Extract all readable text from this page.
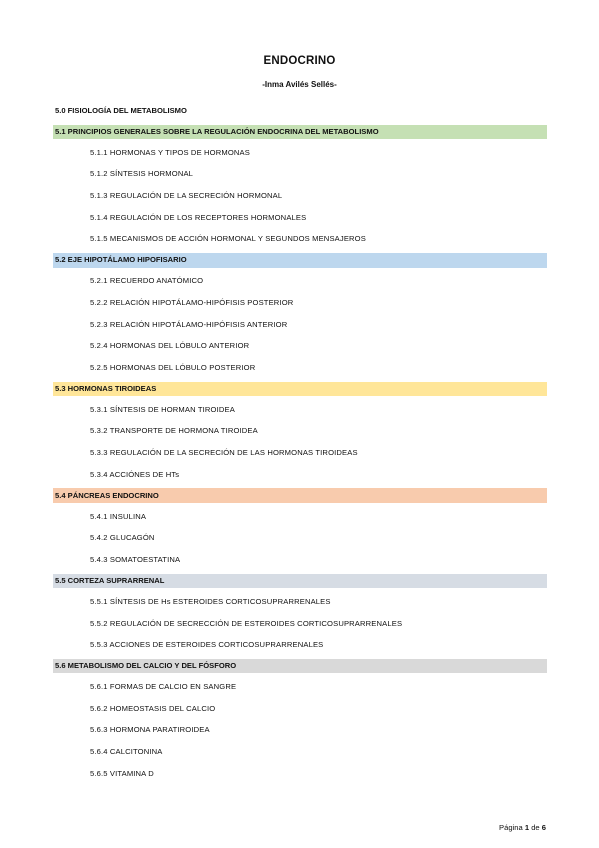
ENDOCRINO
-Inma Avilés Sellés-
5.0 FISIOLOGÍA DEL METABOLISMO
5.1 PRINCIPIOS GENERALES SOBRE LA REGULACIÓN ENDOCRINA DEL METABOLISMO
5.1.1 HORMONAS Y TIPOS DE HORMONAS
5.1.2 SÍNTESIS HORMONAL
5.1.3 REGULACIÓN DE LA SECRECIÓN HORMONAL
5.1.4 REGULACIÓN DE LOS RECEPTORES HORMONALES
5.1.5 MECANISMOS DE ACCIÓN HORMONAL Y SEGUNDOS MENSAJEROS
5.2 EJE HIPOTÁLAMO HIPOFISARIO
5.2.1 RECUERDO ANATÓMICO
5.2.2 RELACIÓN HIPOTÁLAMO-HIPÓFISIS POSTERIOR
5.2.3 RELACIÓN HIPOTÁLAMO-HIPÓFISIS ANTERIOR
5.2.4 HORMONAS DEL LÓBULO ANTERIOR
5.2.5 HORMONAS DEL LÓBULO POSTERIOR
5.3 HORMONAS TIROIDEAS
5.3.1 SÍNTESIS DE HORMAN TIROIDEA
5.3.2 TRANSPORTE DE HORMONA TIROIDEA
5.3.3 REGULACIÓN DE LA SECRECIÓN DE LAS HORMONAS TIROIDEAS
5.3.4 ACCIÓNES DE HTs
5.4 PÁNCREAS ENDOCRINO
5.4.1 INSULINA
5.4.2 GLUCAGÓN
5.4.3 SOMATOESTATINA
5.5 CORTEZA SUPRARRENAL
5.5.1 SÍNTESIS DE Hs ESTEROIDES CORTICOSUPRARRENALES
5.5.2 REGULACIÓN DE SECRECCIÓN DE ESTEROIDES CORTICOSUPRARRENALES
5.5.3 ACCIONES DE ESTEROIDES CORTICOSUPRARRENALES
5.6 METABOLISMO DEL CALCIO Y DEL FÓSFORO
5.6.1 FORMAS DE CALCIO EN SANGRE
5.6.2 HOMEOSTASIS DEL CALCIO
5.6.3 HORMONA PARATIROIDEA
5.6.4 CALCITONINA
5.6.5 VITAMINA D
Página 1 de 6
